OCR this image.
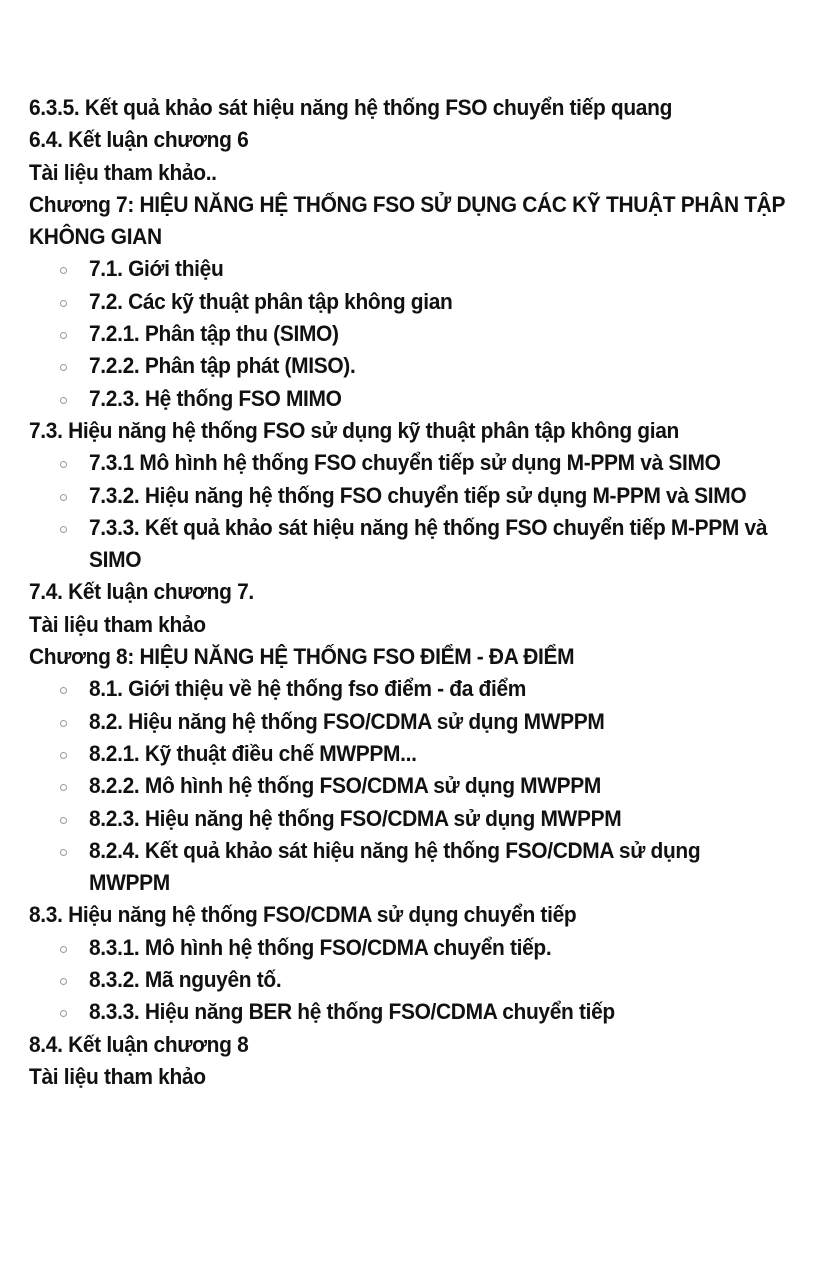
6.3.5. Kết quả khảo sát hiệu năng hệ thống FSO chuyển tiếp quang
6.4. Kết luận chương 6
Tài liệu tham khảo..
Chương 7: HIỆU NĂNG HỆ THỐNG FSO SỬ DỤNG CÁC KỸ THUẬT PHÂN TẬP KHÔNG GIAN
7.1. Giới thiệu
7.2. Các kỹ thuật phân tập không gian
7.2.1. Phân tập thu (SIMO)
7.2.2. Phân tập phát (MISO).
7.2.3. Hệ thống FSO MIMO
7.3. Hiệu năng hệ thống FSO sử dụng kỹ thuật phân tập không gian
7.3.1 Mô hình hệ thống FSO chuyển tiếp sử dụng M-PPM và SIMO
7.3.2. Hiệu năng hệ thống FSO chuyển tiếp sử dụng M-PPM và SIMO
7.3.3. Kết quả khảo sát hiệu năng hệ thống FSO chuyển tiếp M-PPM và SIMO
7.4. Kết luận chương 7.
Tài liệu tham khảo
Chương 8: HIỆU NĂNG HỆ THỐNG FSO ĐIỂM - ĐA ĐIỂM
8.1. Giới thiệu về hệ thống fso điểm - đa điểm
8.2. Hiệu năng hệ thống FSO/CDMA sử dụng MWPPM
8.2.1. Kỹ thuật điều chế MWPPM...
8.2.2. Mô hình hệ thống FSO/CDMA sử dụng MWPPM
8.2.3. Hiệu năng hệ thống FSO/CDMA sử dụng MWPPM
8.2.4. Kết quả khảo sát hiệu năng hệ thống FSO/CDMA sử dụng MWPPM
8.3. Hiệu năng hệ thống FSO/CDMA sử dụng chuyển tiếp
8.3.1. Mô hình hệ thống FSO/CDMA chuyển tiếp.
8.3.2. Mã nguyên tố.
8.3.3. Hiệu năng BER hệ thống FSO/CDMA chuyển tiếp
8.4. Kết luận chương 8
Tài liệu tham khảo
